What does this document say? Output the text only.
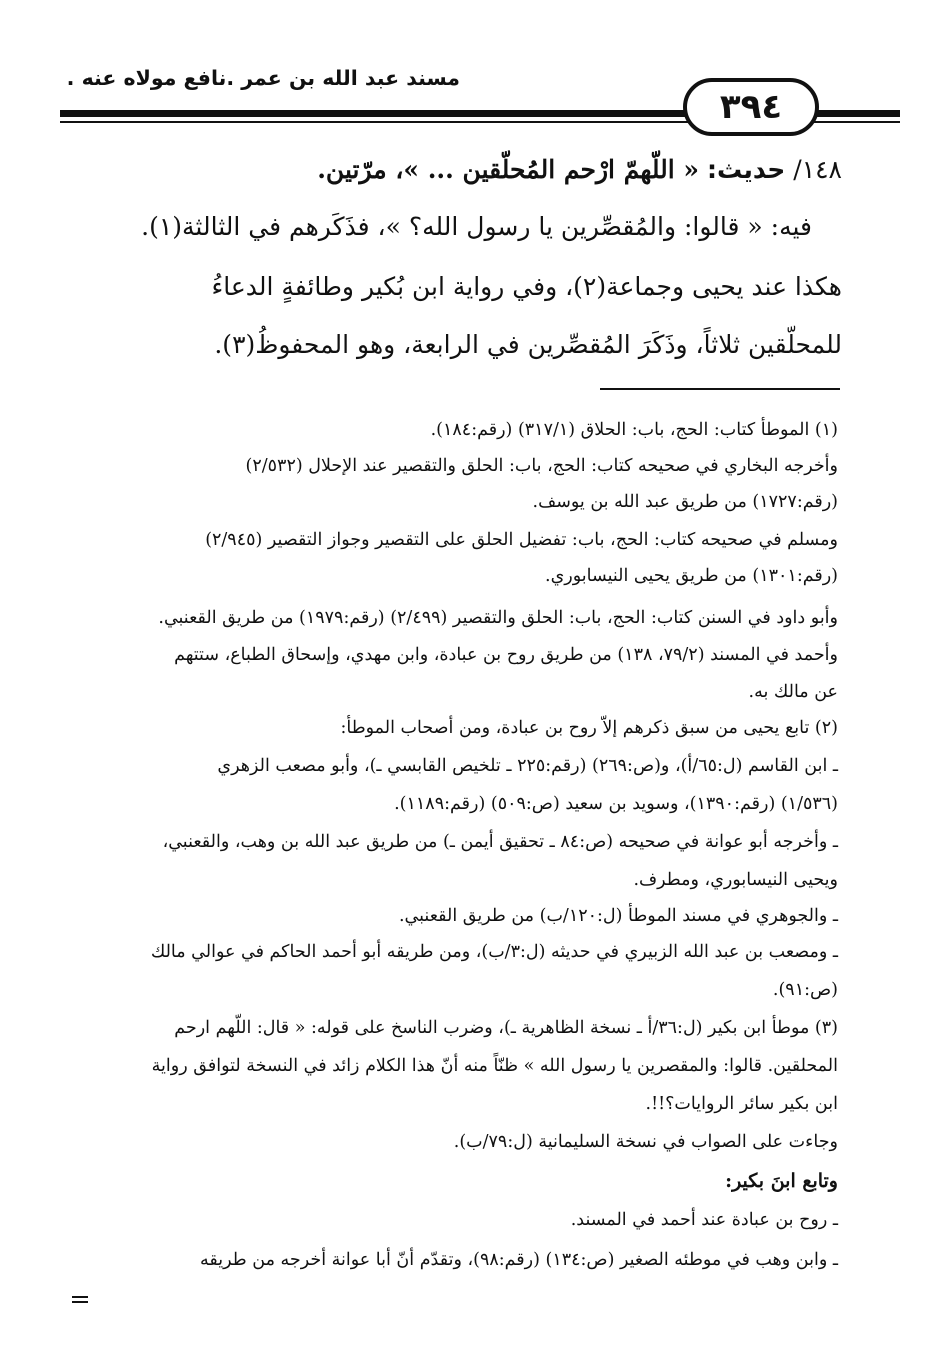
مسند عبد الله بن عمر .نافع مولاه عنه .
٣٩٤
١٤٨/ حديث: « اللّهمّ ارْحم المُحلّقين ... »، مرّتين.
فيه: « قالوا: والمُقصِّرين يا رسول الله؟ »، فذَكَرهم في الثالثة(١).
هكذا عند يحيى وجماعة(٢)، وفي رواية ابن بُكير وطائفةٍ الدعاءُ
للمحلّقين ثلاثاً، وذَكَرَ المُقصِّرين في الرابعة، وهو المحفوظُ(٣).
(١) الموطأ كتاب: الحج، باب: الحلاق (٣١٧/١) (رقم:١٨٤).
وأخرجه البخاري في صحيحه كتاب: الحج، باب: الحلق والتقصير عند الإحلال (٢/٥٣٢)
(رقم:١٧٢٧) من طريق عبد الله بن يوسف.
ومسلم في صحيحه كتاب: الحج، باب: تفضيل الحلق على التقصير وجواز التقصير (٢/٩٤٥)
(رقم:١٣٠١) من طريق يحيى النيسابوري.
وأبو داود في السنن كتاب: الحج، باب: الحلق والتقصير (٢/٤٩٩) (رقم:١٩٧٩) من طريق القعنبي.
وأحمد في المسند (٧٩/٢، ١٣٨) من طريق روح بن عبادة، وابن مهدي، وإسحاق الطباع، ستتهم
عن مالك به.
(٢) تابع يحيى من سبق ذكرهم إلاّ روح بن عبادة، ومن أصحاب الموطأ:
ـ ابن القاسم (ل:٦٥/أ)، و(ص:٢٦٩) (رقم:٢٢٥ ـ تلخيص القابسي ـ)، وأبو مصعب الزهري
(١/٥٣٦) (رقم:١٣٩٠)، وسويد بن سعيد (ص:٥٠٩) (رقم:١١٨٩).
ـ وأخرجه أبو عوانة في صحيحه (ص:٨٤ ـ تحقيق أيمن ـ) من طريق عبد الله بن وهب، والقعنبي،
ويحيى النيسابوري، ومطرف.
ـ والجوهري في مسند الموطأ (ل:١٢٠/ب) من طريق القعنبي.
ـ ومصعب بن عبد الله الزبيري في حديثه (ل:٣/ب)، ومن طريقه أبو أحمد الحاكم في عوالي مالك
(ص:٩١).
(٣) موطأ ابن بكير (ل:٣٦/أ ـ نسخة الظاهرية ـ)، وضرب الناسخ على قوله: « قال: اللّهم ارحم
المحلقين. قالوا: والمقصرين يا رسول الله » ظنّاً منه أنّ هذا الكلام زائد في النسخة لتوافق رواية
ابن بكير سائر الروايات؟!!.
وجاءت على الصواب في نسخة السليمانية (ل:٧٩/ب).
وتابع ابنَ بكير:
ـ روح بن عبادة عند أحمد في المسند.
ـ وابن وهب في موطئه الصغير (ص:١٣٤) (رقم:٩٨)، وتقدّم أنّ أبا عوانة أخرجه من طريقه
